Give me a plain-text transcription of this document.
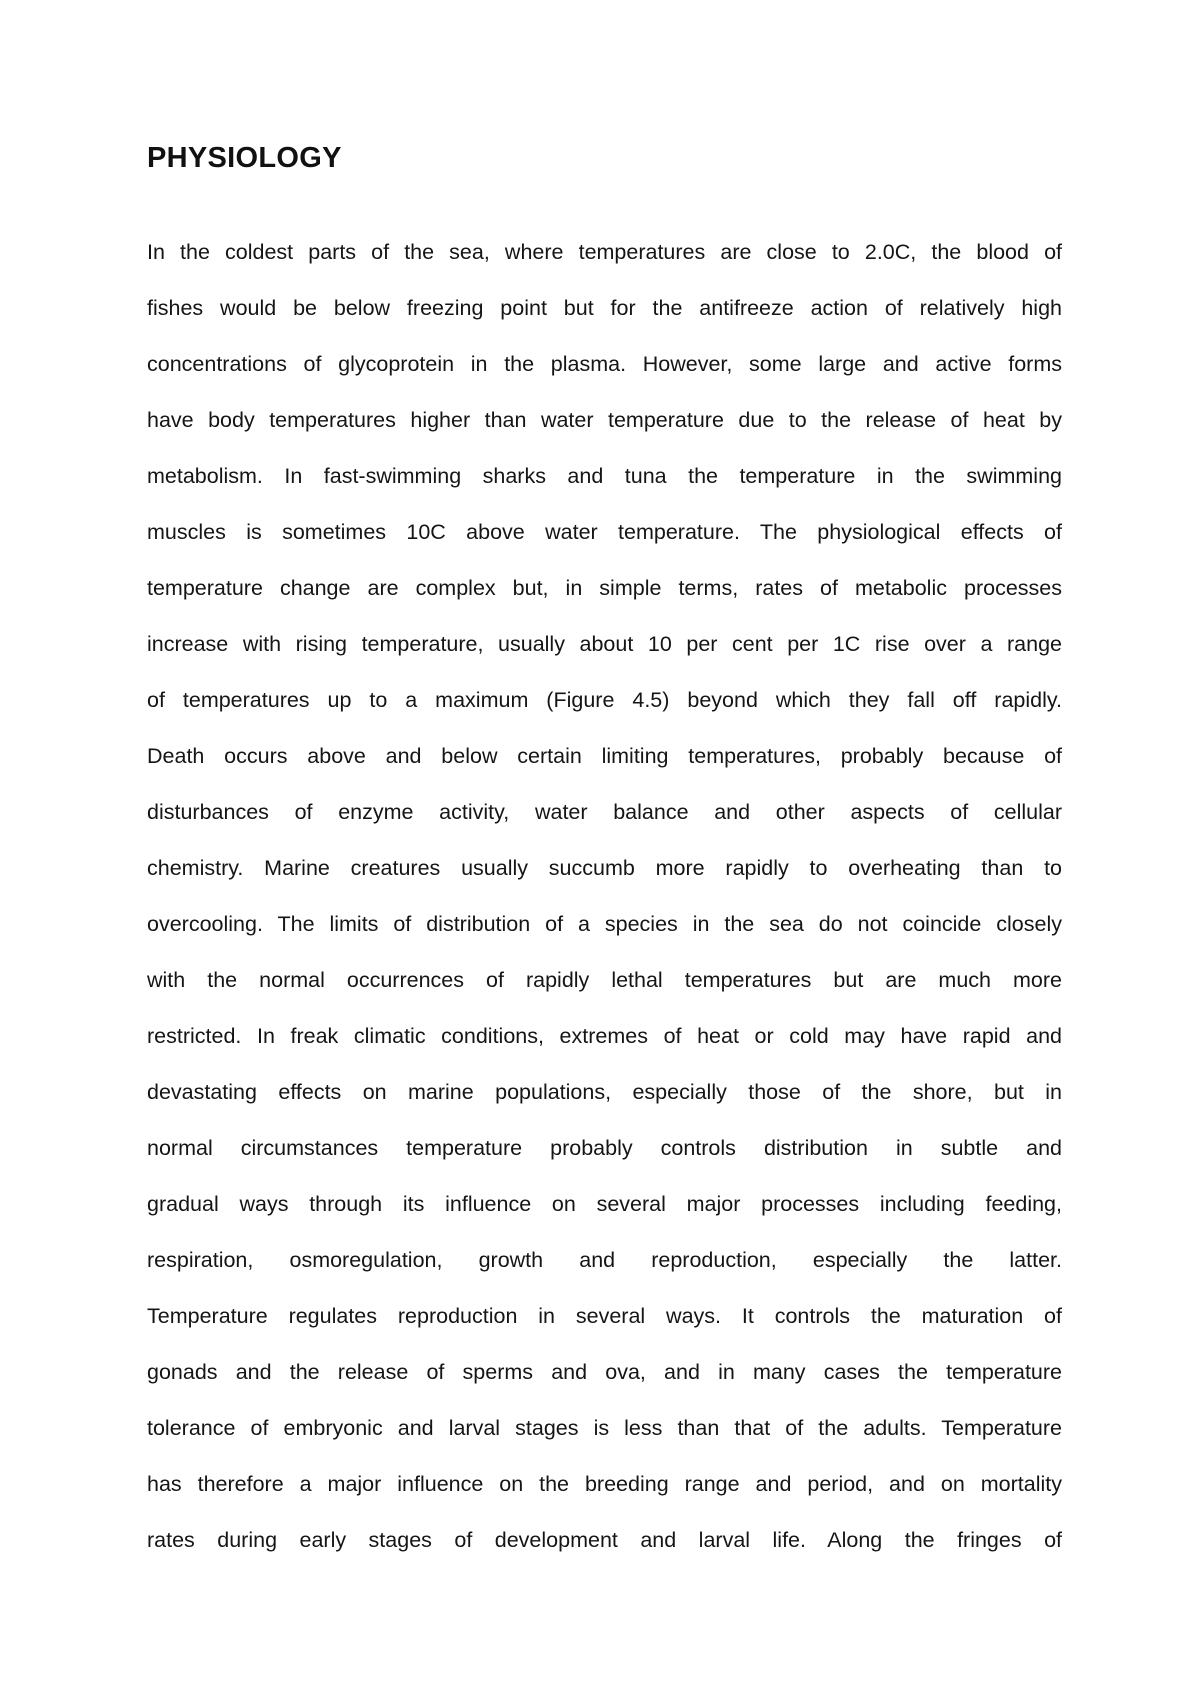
PHYSIOLOGY
In the coldest parts of the sea, where temperatures are close to 2.0C, the blood of
fishes would be below freezing point but for the antifreeze action of relatively high
concentrations of glycoprotein in the plasma. However, some large and active forms
have body temperatures higher than water temperature due to the release of heat by
metabolism. In fast-swimming sharks and tuna the temperature in the swimming
muscles is sometimes 10C above water temperature. The physiological effects of
temperature change are complex but, in simple terms, rates of metabolic processes
increase with rising temperature, usually about 10 per cent per 1C rise over a range
of temperatures up to a maximum (Figure 4.5) beyond which they fall off rapidly.
Death occurs above and below certain limiting temperatures, probably because of
disturbances of enzyme activity, water balance and other aspects of cellular
chemistry. Marine creatures usually succumb more rapidly to overheating than to
overcooling. The limits of distribution of a species in the sea do not coincide closely
with the normal occurrences of rapidly lethal temperatures but are much more
restricted. In freak climatic conditions, extremes of heat or cold may have rapid and
devastating effects on marine populations, especially those of the shore, but in
normal circumstances temperature probably controls distribution in subtle and
gradual ways through its influence on several major processes including feeding,
respiration, osmoregulation, growth and reproduction, especially the latter.
Temperature regulates reproduction in several ways. It controls the maturation of
gonads and the release of sperms and ova, and in many cases the temperature
tolerance of embryonic and larval stages is less than that of the adults. Temperature
has therefore a major influence on the breeding range and period, and on mortality
rates during early stages of development and larval life. Along the fringes of
